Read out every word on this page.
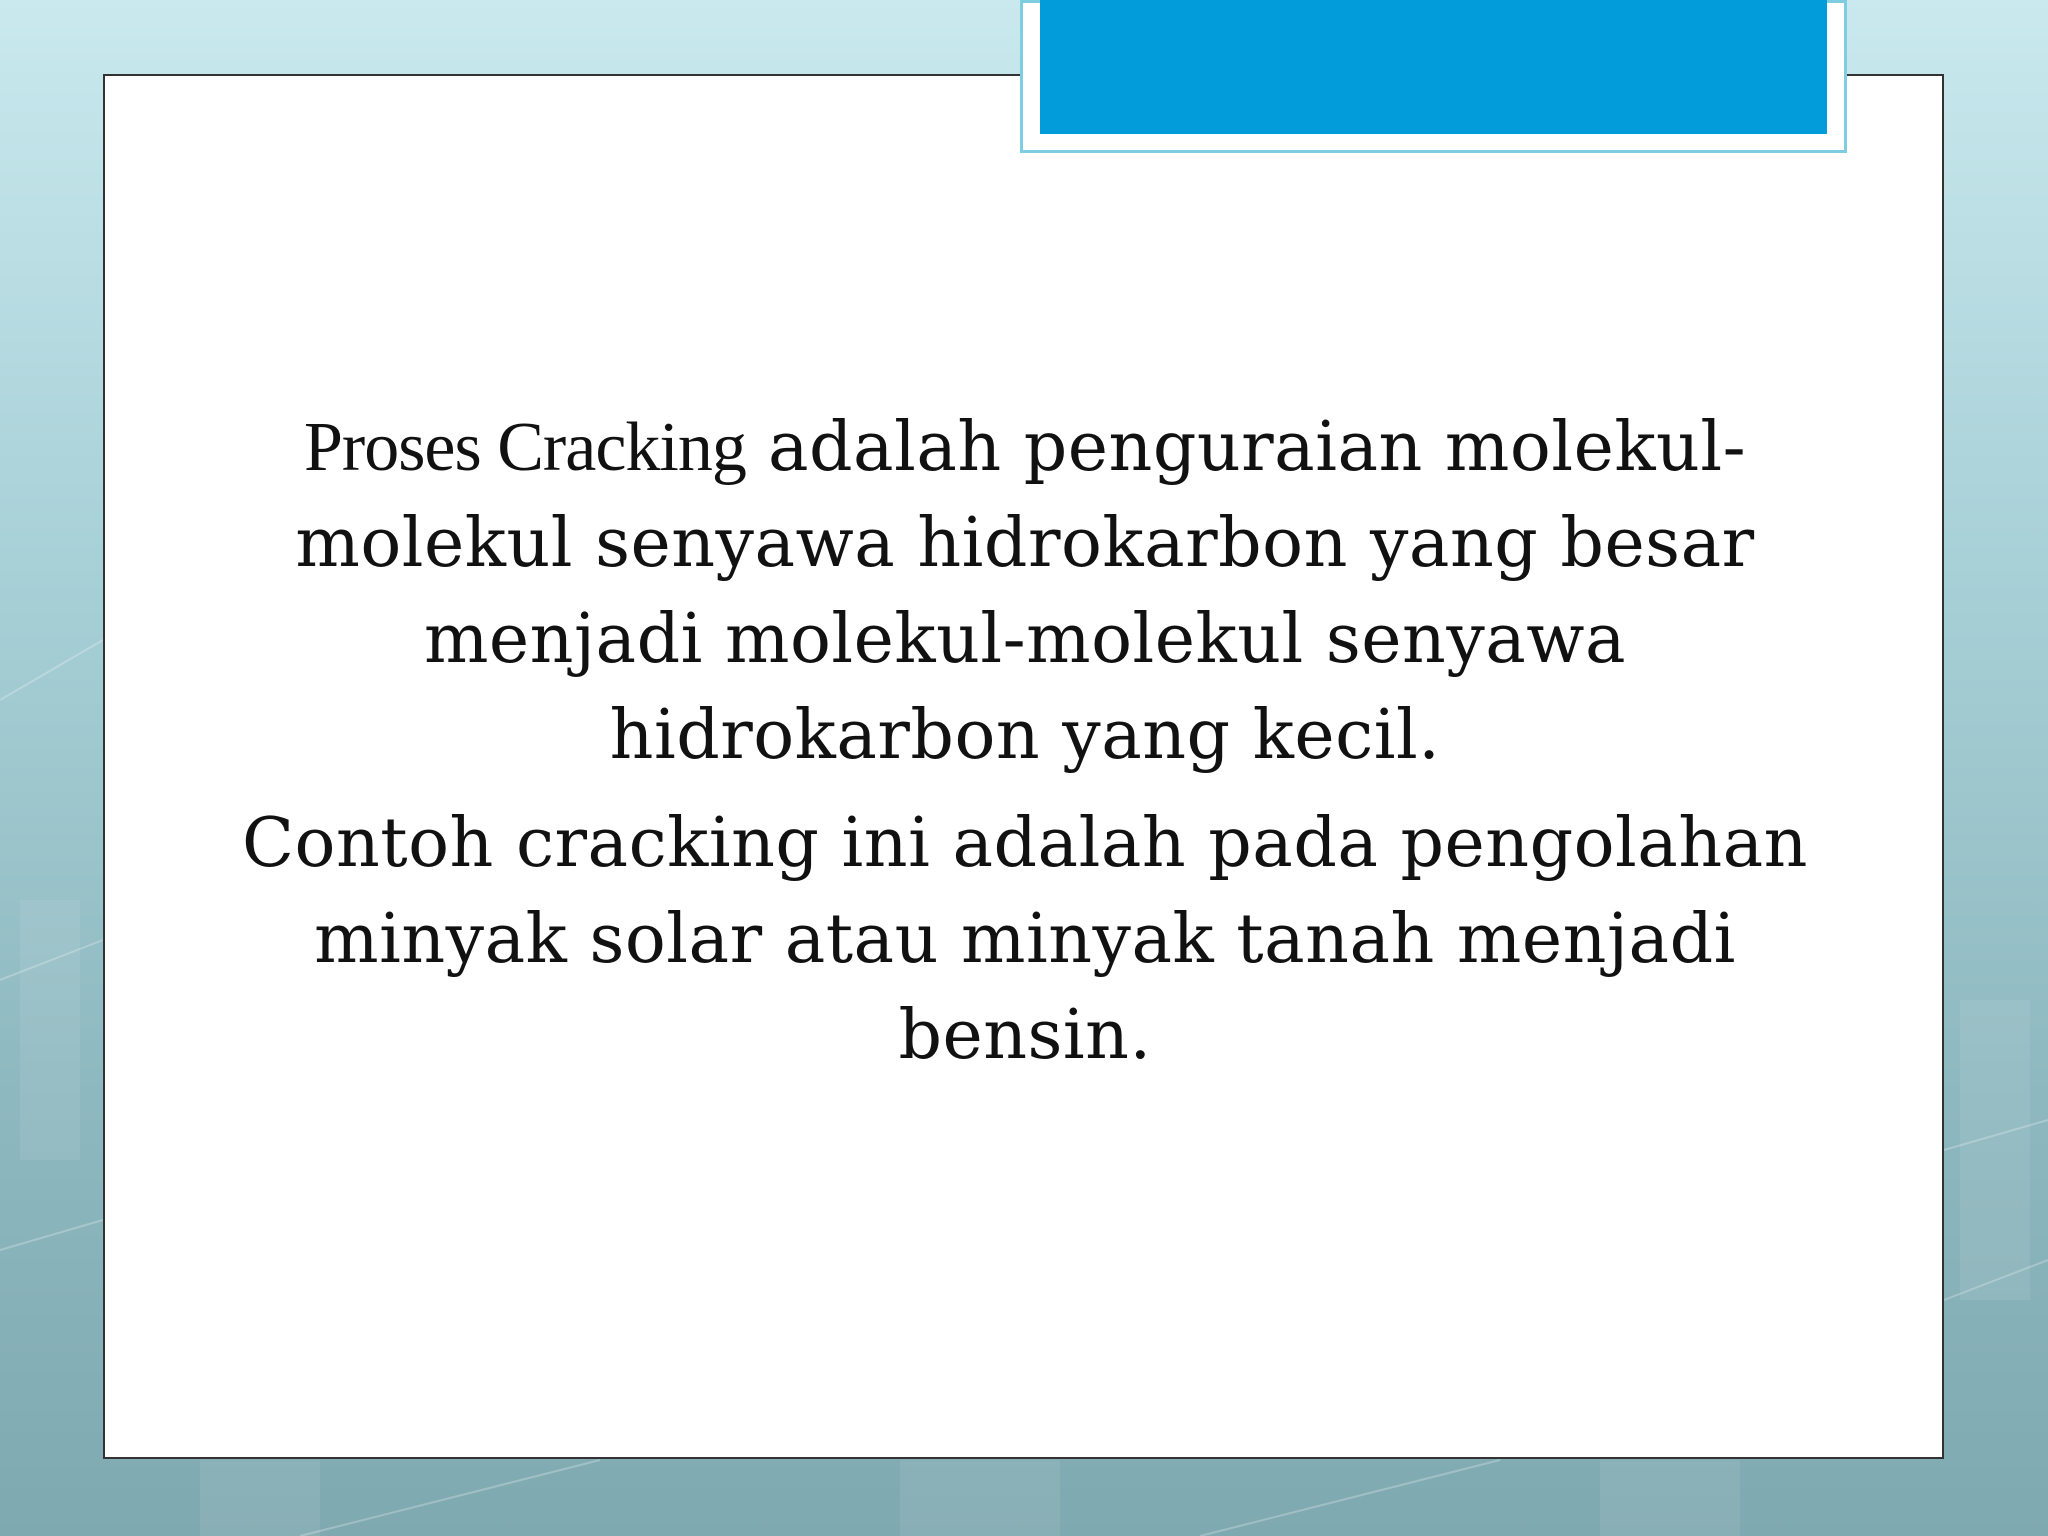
Proses Cracking adalah penguraian molekul-molekul senyawa hidrokarbon yang besar menjadi molekul-molekul senyawa hidrokarbon yang kecil.

Contoh cracking ini adalah pada pengolahan minyak solar atau minyak tanah menjadi bensin.
